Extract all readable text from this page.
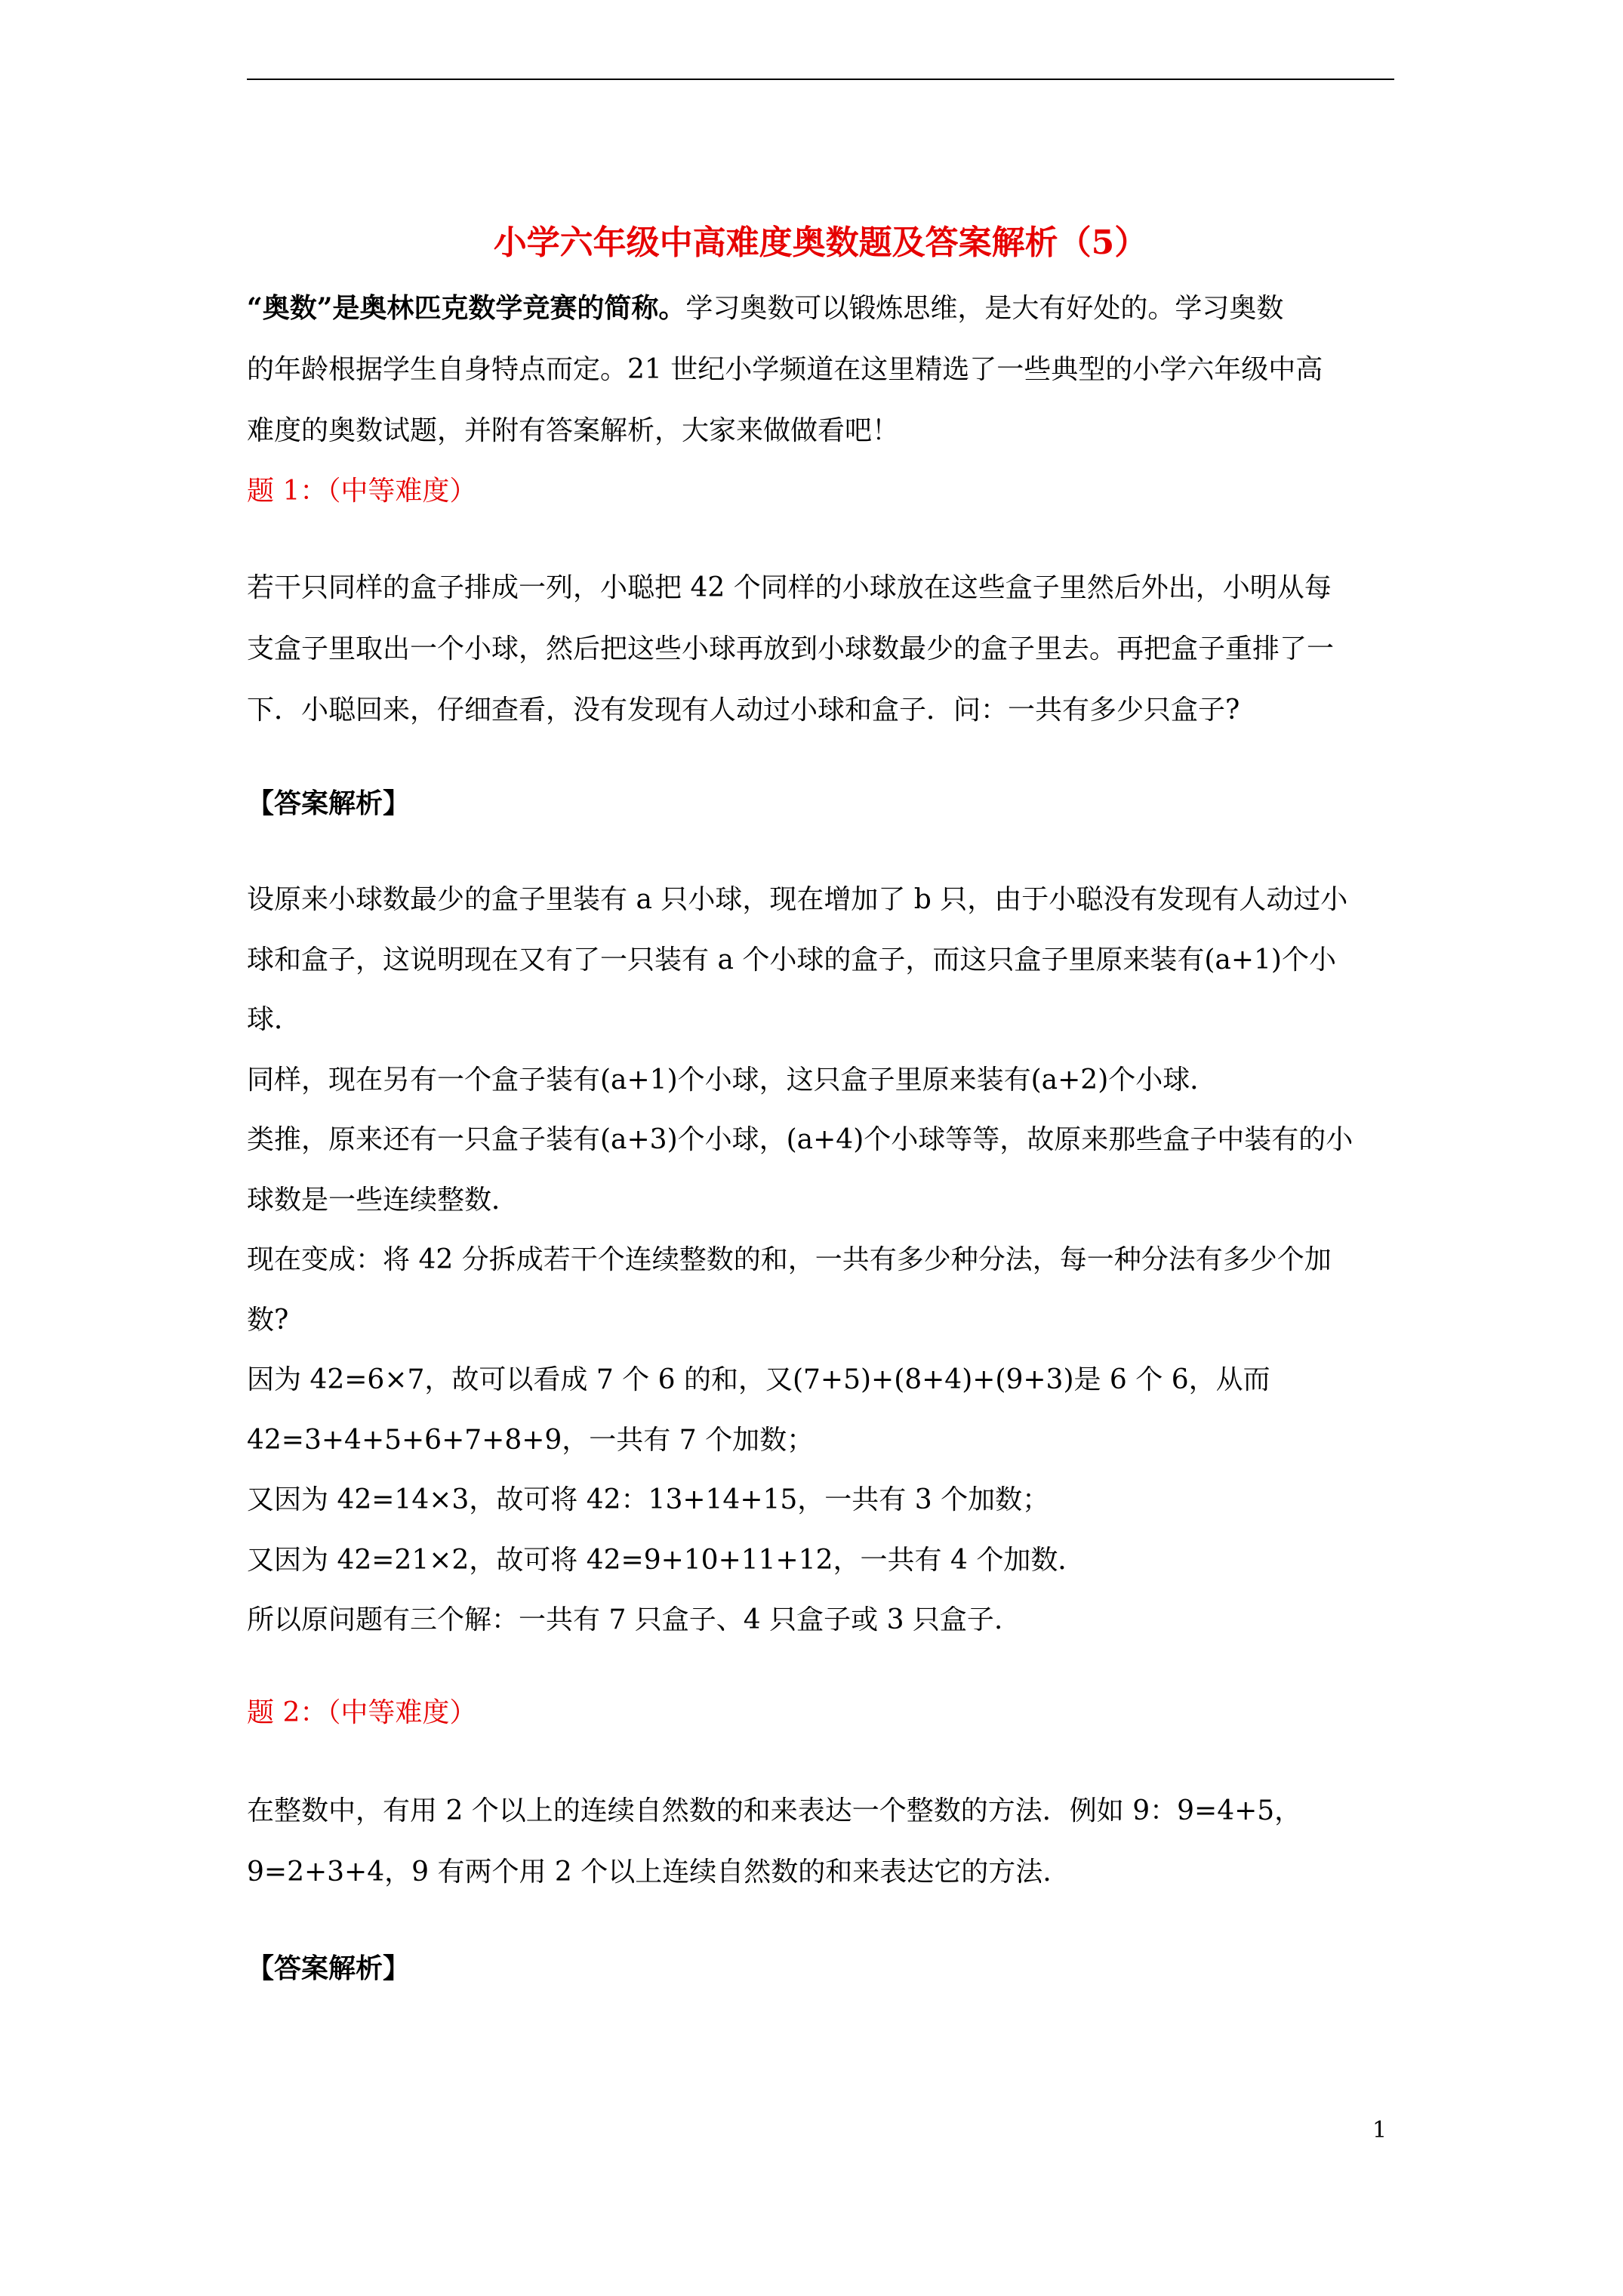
小学六年级中高难度奥数题及答案解析（5）
“奥数”是奥林匹克数学竞赛的简称。学习奥数可以锻炼思维，是大有好处的。学习奥数
的年龄根据学生自身特点而定。21 世纪小学频道在这里精选了一些典型的小学六年级中高
难度的奥数试题，并附有答案解析，大家来做做看吧！
题 1：（中等难度）
若干只同样的盒子排成一列，小聪把 42 个同样的小球放在这些盒子里然后外出，小明从每
支盒子里取出一个小球，然后把这些小球再放到小球数最少的盒子里去。再把盒子重排了一
下．小聪回来，仔细查看，没有发现有人动过小球和盒子．问：一共有多少只盒子?
【答案解析】
设原来小球数最少的盒子里装有 a 只小球，现在增加了 b 只，由于小聪没有发现有人动过小
球和盒子，这说明现在又有了一只装有 a 个小球的盒子，而这只盒子里原来装有(a+1)个小
球．
同样，现在另有一个盒子装有(a+1)个小球，这只盒子里原来装有(a+2)个小球．
类推，原来还有一只盒子装有(a+3)个小球，(a+4)个小球等等，故原来那些盒子中装有的小
球数是一些连续整数．
现在变成：将 42 分拆成若干个连续整数的和，一共有多少种分法，每一种分法有多少个加
数?
因为 42=6×7，故可以看成 7 个 6 的和，又(7+5)+(8+4)+(9+3)是 6 个 6，从而
42=3+4+5+6+7+8+9，一共有 7 个加数；
又因为 42=14×3，故可将 42：13+14+15，一共有 3 个加数；
又因为 42=21×2，故可将 42=9+10+11+12，一共有 4 个加数．
所以原问题有三个解：一共有 7 只盒子、4 只盒子或 3 只盒子.
题 2：（中等难度）
在整数中，有用 2 个以上的连续自然数的和来表达一个整数的方法．例如 9：9=4+5，
9=2+3+4，9 有两个用 2 个以上连续自然数的和来表达它的方法.
【答案解析】
1
